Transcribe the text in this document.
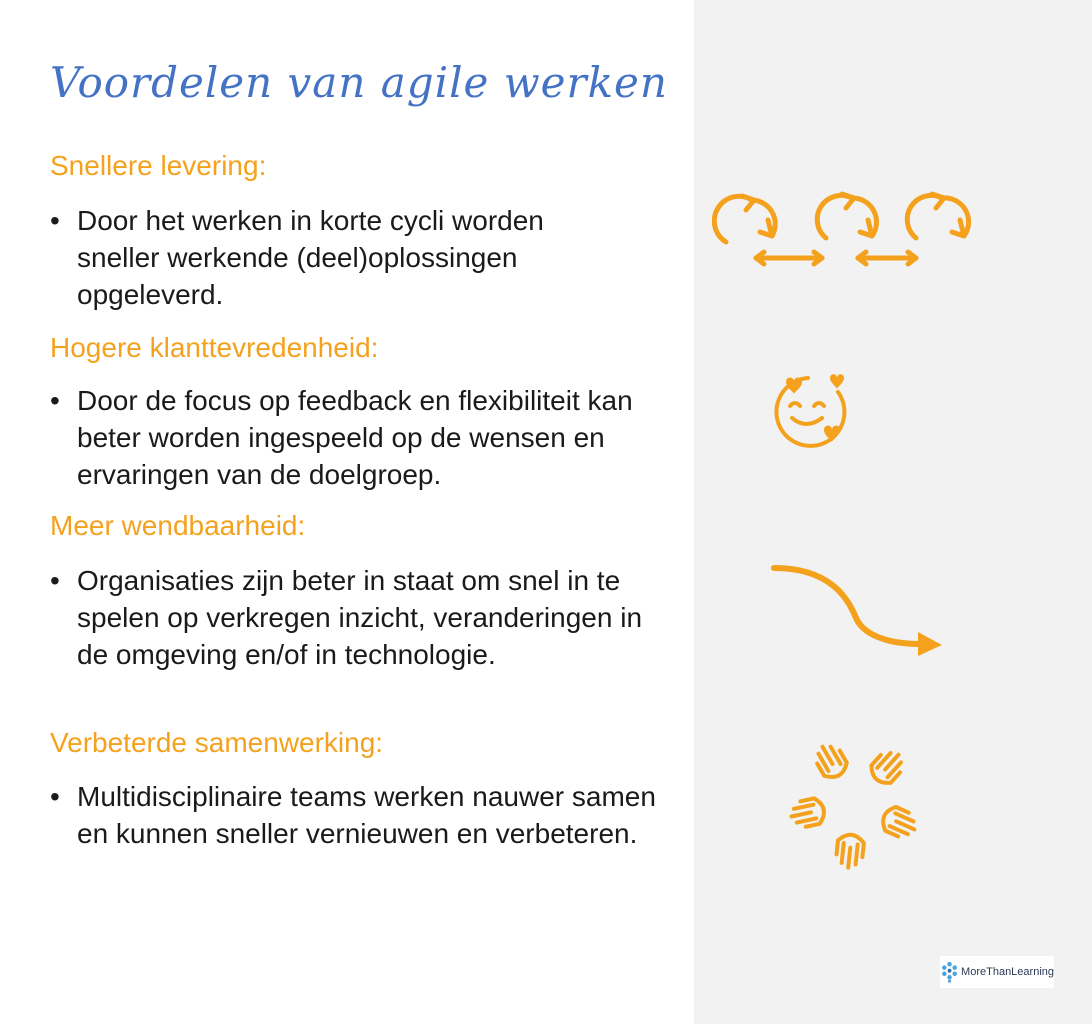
Voordelen van agile werken
Snellere levering:
• Door het werken in korte cycli worden sneller werkende (deel)oplossingen opgeleverd.
Hogere klanttevredenheid:
• Door de focus op feedback en flexibiliteit kan beter worden ingespeeld op de wensen en ervaringen van de doelgroep.
Meer wendbaarheid:
• Organisaties zijn beter in staat om snel in te spelen op verkregen inzicht, veranderingen in de omgeving en/of in technologie.
Verbeterde samenwerking:
• Multidisciplinaire teams werken nauwer samen en kunnen sneller vernieuwen en verbeteren.
MoreThanLearning
